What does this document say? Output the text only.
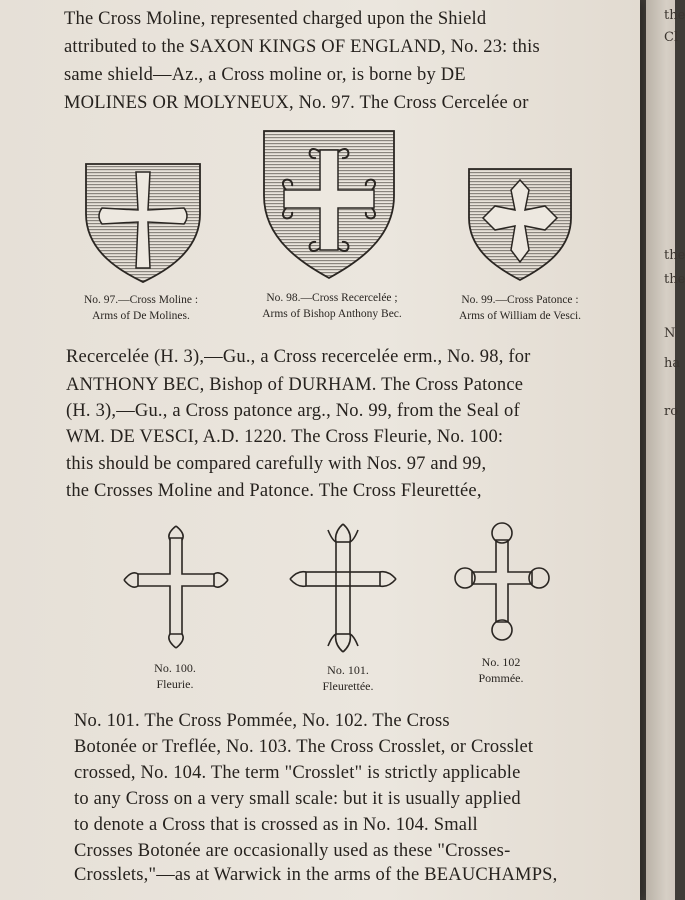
The Cross Moline, represented charged upon the Shield
attributed to the SAXON KINGS OF ENGLAND, No. 23: this
same shield—Az., a Cross moline or, is borne by DE
MOLINES OR MOLYNEUX, No. 97. The Cross Cercelée or
No. 97.—Cross Moline :
Arms of De Molines.
No. 98.—Cross Recercelée ;
Arms of Bishop Anthony Bec.
No. 99.—Cross Patonce :
Arms of William de Vesci.
Recercelée (H. 3),—Gu., a Cross recercelée erm., No. 98, for
ANTHONY BEC, Bishop of DURHAM. The Cross Patonce
(H. 3),—Gu., a Cross patonce arg., No. 99, from the Seal of
WM. DE VESCI, A.D. 1220. The Cross Fleurie, No. 100:
this should be compared carefully with Nos. 97 and 99,
the Crosses Moline and Patonce. The Cross Fleurettée,
No. 100.
Fleurie.
No. 101.
Fleurettée.
No. 102
Pommée.
No. 101. The Cross Pommée, No. 102. The Cross
Botonée or Treflée, No. 103. The Cross Crosslet, or Crosslet
crossed, No. 104. The term "Crosslet" is strictly applicable
to any Cross on a very small scale: but it is usually applied
to denote a Cross that is crossed as in No. 104. Small
Crosses Botonée are occasionally used as these "Crosses-
Crosslets,"—as at Warwick in the arms of the BEAUCHAMPS,
the
Cl
the
the
N
ha
ro
